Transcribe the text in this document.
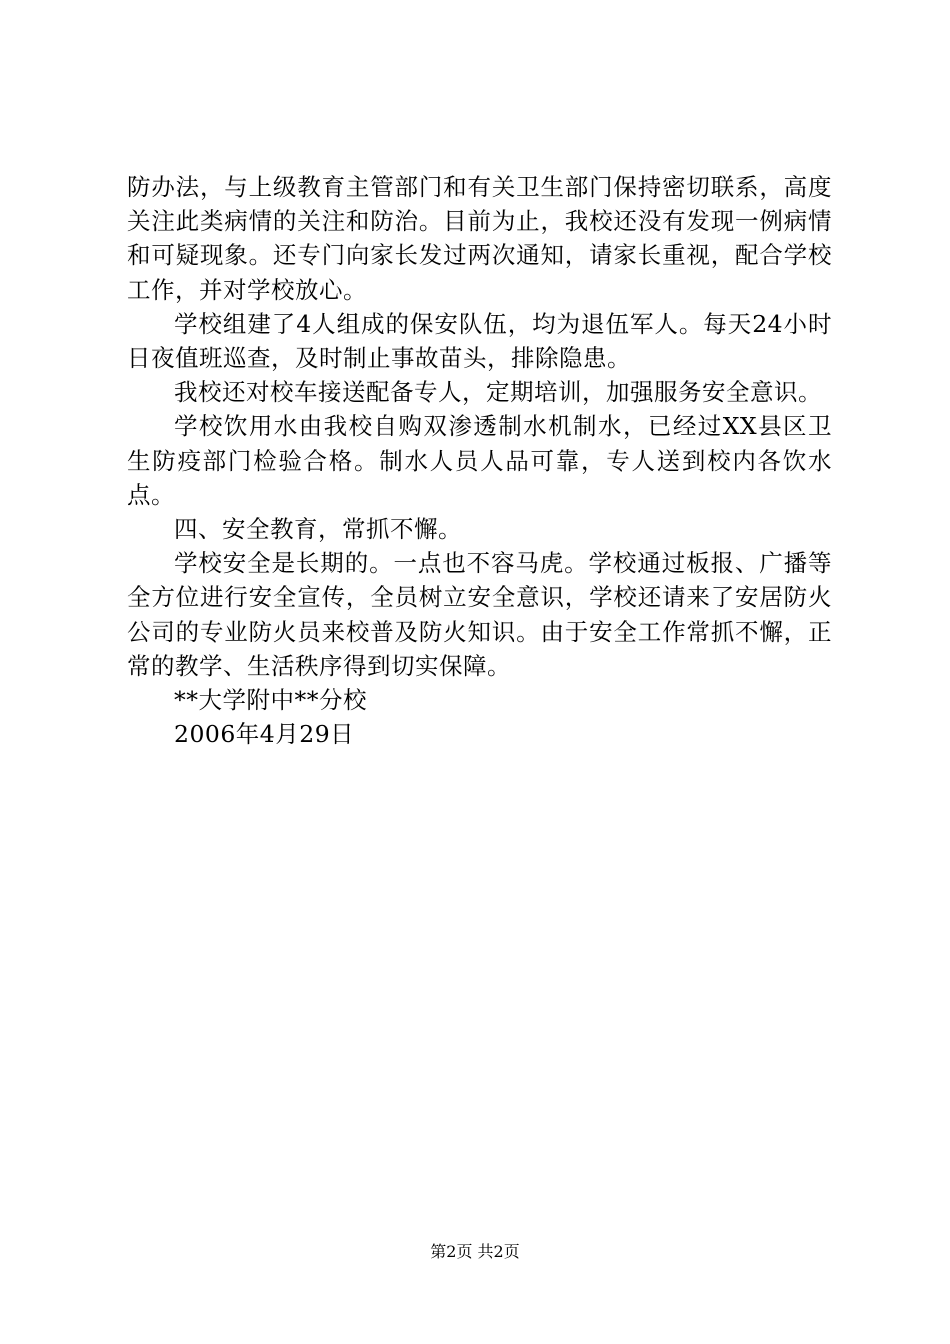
防办法，与上级教育主管部门和有关卫生部门保持密切联系，高度关注此类病情的关注和防治。目前为止，我校还没有发现一例病情和可疑现象。还专门向家长发过两次通知，请家长重视，配合学校工作，并对学校放心。

学校组建了4人组成的保安队伍，均为退伍军人。每天24小时日夜值班巡查，及时制止事故苗头，排除隐患。

我校还对校车接送配备专人，定期培训，加强服务安全意识。

学校饮用水由我校自购双渗透制水机制水，已经过XX县区卫生防疫部门检验合格。制水人员人品可靠，专人送到校内各饮水点。

四、安全教育，常抓不懈。

学校安全是长期的。一点也不容马虎。学校通过板报、广播等全方位进行安全宣传，全员树立安全意识，学校还请来了安居防火公司的专业防火员来校普及防火知识。由于安全工作常抓不懈，正常的教学、生活秩序得到切实保障。

**大学附中**分校

2006年4月29日

第2页 共2页
